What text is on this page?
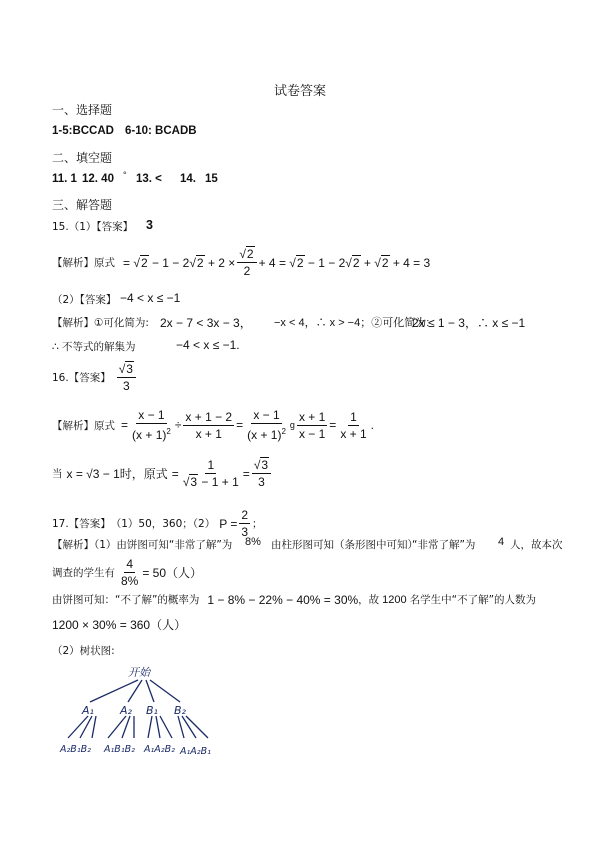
试卷答案
一、选择题
1-5:BCCAD 6-10: BCADB
二、填空题
11. 1 12. 40 ° 13. < 14. 15
三、解答题
15.（1）【答案】 3
【解析】原式 = $√2 - 1 - 2√2 + 2 \times \frac{√2}{2} + 4 = √2 - 1 - 2√2 + √2 + 4 = 3$
（2）【答案】 −4 < x ≤ −1
【解析】①可化简为: 2x − 7 < 3x − 3， −x < 4，∴ x > −4；②可化简为:
2x ≤ 1 − 3，∴ x ≤ −1
∴ 不等式的解集为	−4 < x ≤ −1.
16.【答案】 $\frac{√3}{3}$
【解析】原式 = $\frac{x - 1}{(x + 1)^2} \div \frac{x + 1 - 2}{x + 1} = \frac{x - 1}{(x + 1)^2}$ g $\frac{x + 1}{x - 1} = \frac{1}{x + 1}$ .
当 x = √3 − 1时，原式 = $\frac{1}{√3 - 1 + 1} = \frac{√3}{3}$
17.【答案】 （1）50，360；（2） $P = \frac{2}{3}$ ；
【解析】（1）由饼图可知“非常了解”为 8% 由柱形图可知（条形图中可知）
“非常了解”为 4 人，故本次
调查的学生有 $\frac{4}{8\%} = 50$（人）
由饼图可知：“不了解”的概率为 1 − 8% − 22% − 40% = 30% ，故 1200 名学生中“不了解”的人数为
1200 × 30% = 360（人）
（2）树状图:
开始
A₁ A₂ B₁ B₂
A₂B₁B₂ A₁B₁B₂ A₁A₂B₂ A₁A₂B₁
